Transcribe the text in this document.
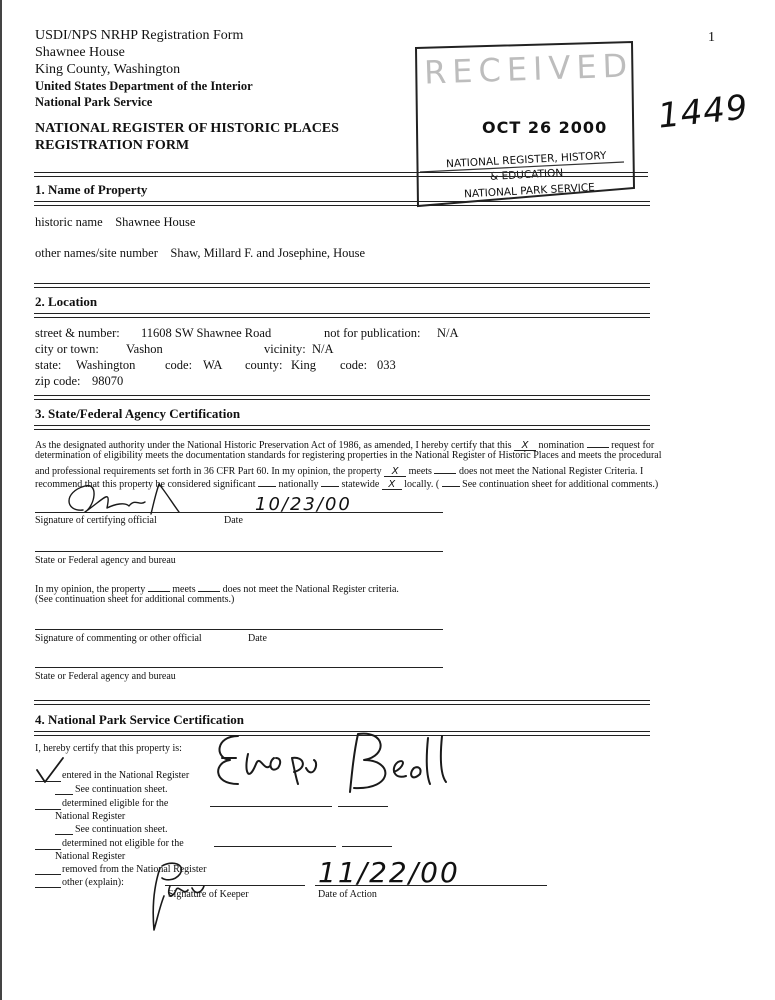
USDI/NPS NRHP Registration Form
Shawnee House
King County, Washington
United States Department of the Interior
National Park Service
NATIONAL REGISTER OF HISTORIC PLACES
REGISTRATION FORM
1
1449
RECEIVED
OCT 26 2000
NATIONAL REGISTER, HISTORY
& EDUCATION
NATIONAL PARK SERVICE
1. Name of Property
historic name Shawnee House
other names/site number Shaw, Millard F. and Josephine, House
2. Location
street & number: 11608 SW Shawnee Road	not for publication: N/A
city or town: Vashon	vicinity: N/A
state: Washington code: WA county: King code: 033
zip code: 98070
3. State/Federal Agency Certification
As the designated authority under the National Historic Preservation Act of 1986, as amended, I hereby certify that this X nomination	request for
determination of eligibility meets the documentation standards for registering properties in the National Register of Historic Places and meets the procedural
and professional requirements set forth in 36 CFR Part 60. In my opinion, the property X meets	does not meet the National Register Criteria. I
recommend that this property be considered significant nationally statewide X locally. ( See continuation sheet for additional comments.)
10/23/00
Signature of certifying official	Date
State or Federal agency and bureau
In my opinion, the property	meets	does not meet the National Register criteria.
(See continuation sheet for additional comments.)
Signature of commenting or other official	Date
State or Federal agency and bureau
4. National Park Service Certification
I, hereby certify that this property is:
entered in the National Register
See continuation sheet.
determined eligible for the
National Register
See continuation sheet.
determined not eligible for the
National Register
removed from the National Register
other (explain):
Signature of Keeper	Date of Action
11/22/00
